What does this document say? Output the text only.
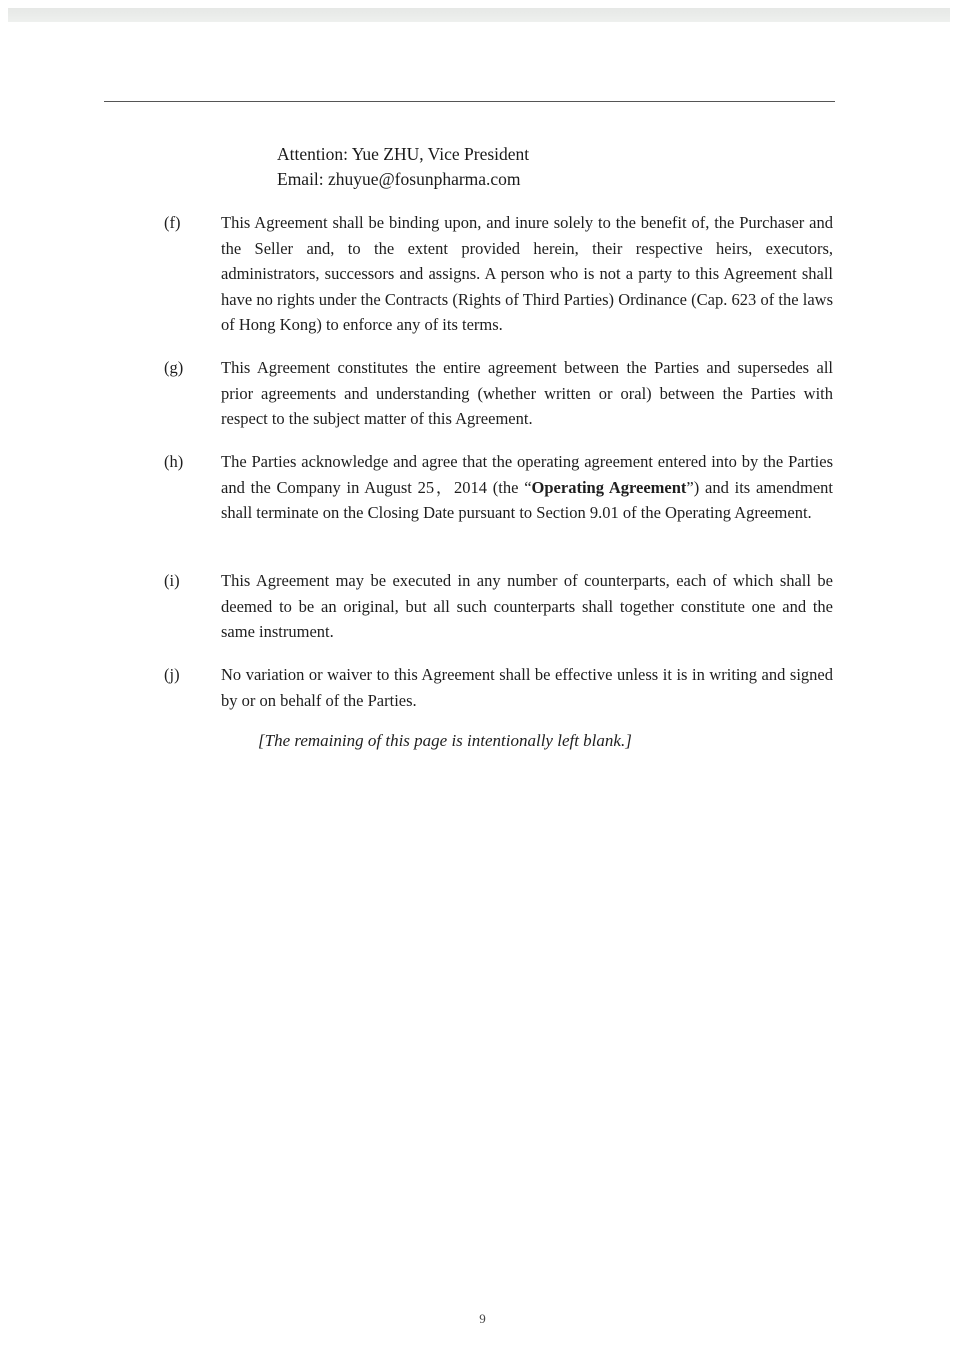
Attention: Yue ZHU, Vice President
Email: zhuyue@fosunpharma.com
(f) This Agreement shall be binding upon, and inure solely to the benefit of, the Purchaser and the Seller and, to the extent provided herein, their respective heirs, executors, administrators, successors and assigns. A person who is not a party to this Agreement shall have no rights under the Contracts (Rights of Third Parties) Ordinance (Cap. 623 of the laws of Hong Kong) to enforce any of its terms.
(g) This Agreement constitutes the entire agreement between the Parties and supersedes all prior agreements and understanding (whether written or oral) between the Parties with respect to the subject matter of this Agreement.
(h) The Parties acknowledge and agree that the operating agreement entered into by the Parties and the Company in August 25，2014 (the “Operating Agreement”) and its amendment shall terminate on the Closing Date pursuant to Section 9.01 of the Operating Agreement.
(i)	This Agreement may be executed in any number of counterparts, each of which shall be deemed to be an original, but all such counterparts shall together constitute one and the same instrument.
(j)	No variation or waiver to this Agreement shall be effective unless it is in writing and signed by or on behalf of the Parties.
[The remaining of this page is intentionally left blank.]
9
